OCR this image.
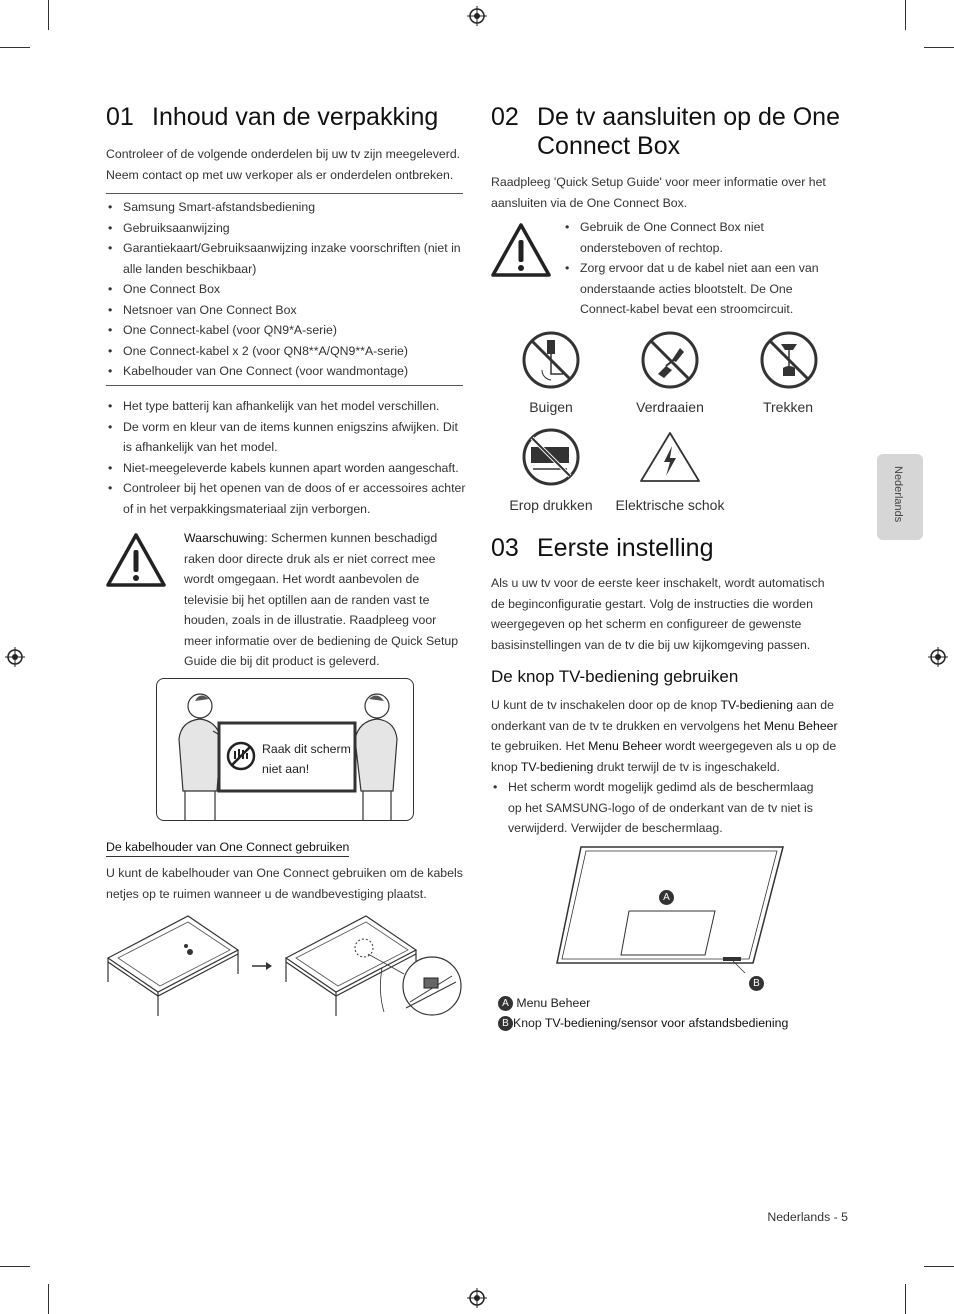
Nederlands
01 Inhoud van de verpakking

Controleer of de volgende onderdelen bij uw tv zijn meegeleverd. Neem contact op met uw verkoper als er onderdelen ontbreken.

• Samsung Smart-afstandsbediening
• Gebruiksaanwijzing
• Garantiekaart/Gebruiksaanwijzing inzake voorschriften (niet in alle landen beschikbaar)
• One Connect Box
• Netsnoer van One Connect Box
• One Connect-kabel (voor QN9*A-serie)
• One Connect-kabel x 2 (voor QN8**A/QN9**A-serie)
• Kabelhouder van One Connect (voor wandmontage)
• Het type batterij kan afhankelijk van het model verschillen.
• De vorm en kleur van de items kunnen enigszins afwijken. Dit is afhankelijk van het model.
• Niet-meegeleverde kabels kunnen apart worden aangeschaft.
• Controleer bij het openen van de doos of er accessoires achter of in het verpakkingsmateriaal zijn verborgen.

Waarschuwing: Schermen kunnen beschadigd raken door directe druk als er niet correct mee wordt omgegaan. Het wordt aanbevolen de televisie bij het optillen aan de randen vast te houden, zoals in de illustratie. Raadpleeg voor meer informatie over de bediening de Quick Setup Guide die bij dit product is geleverd.

Raak dit scherm
niet aan!
De kabelhouder van One Connect gebruiken

U kunt de kabelhouder van One Connect gebruiken om de kabels netjes op te ruimen wanneer u de wandbevestiging plaatst.

02 De tv aansluiten op de One
Connect Box

Raadpleeg 'Quick Setup Guide' voor meer informatie over het aansluiten via de One Connect Box.

• Gebruik de One Connect Box niet ondersteboven of rechtop.
• Zorg ervoor dat u de kabel niet aan een van onderstaande acties blootstelt. De One Connect-kabel bevat een stroomcircuit.
Buigen	Verdraaien	Trekken
Erop drukken	Elektrische schok
03 Eerste instelling

Als u uw tv voor de eerste keer inschakelt, wordt automatisch de beginconfiguratie gestart. Volg de instructies die worden weergegeven op het scherm en configureer de gewenste basisinstellingen van de tv die bij uw kijkomgeving passen.

De knop TV-bediening gebruiken

U kunt de tv inschakelen door op de knop TV-bediening aan de onderkant van de tv te drukken en vervolgens het Menu Beheer te gebruiken. Het Menu Beheer wordt weergegeven als u op de knop TV-bediening drukt terwijl de tv is ingeschakeld.

• Het scherm wordt mogelijk gedimd als de beschermlaag op het SAMSUNG-logo of de onderkant van de tv niet is verwijderd. Verwijder de beschermlaag.
A
B
A Menu Beheer
B Knop TV-bediening/sensor voor afstandsbediening
Nederlands - 5
